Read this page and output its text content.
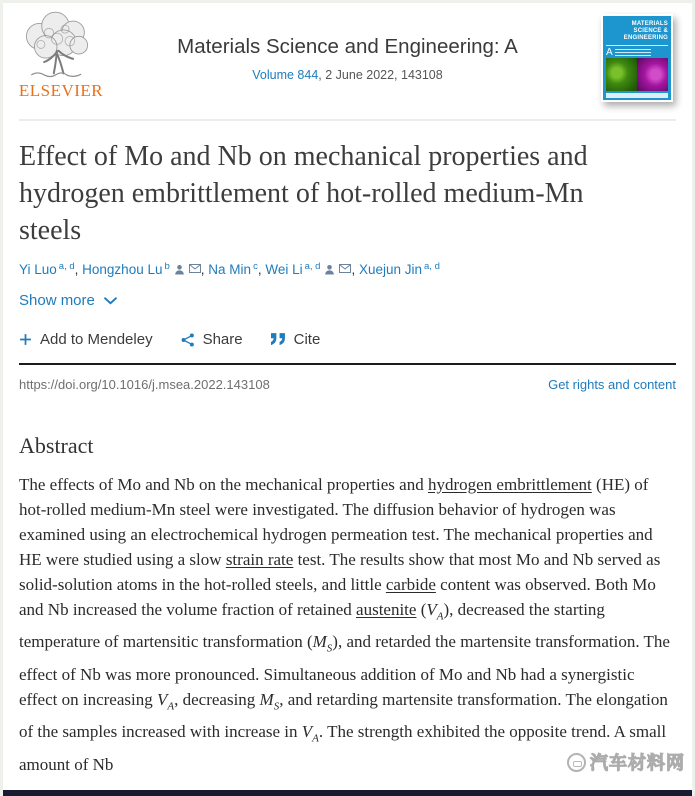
ELSEVIER
Materials Science and Engineering: A
Volume 844, 2 June 2022, 143108
MATERIALS
SCIENCE &
ENGINEERING
A
Effect of Mo and Nb on mechanical properties and hydrogen embrittlement of hot-rolled medium-Mn steels
Yi Luo $^{a, d}$, Hongzhou Lu $^b$ , Na Min $^c$, Wei Li $^{a, d}$ , Xuejun Jin $^{a, d}$
Show more
Add to Mendeley	Share	Cite
https://doi.org/10.1016/j.msea.2022.143108	Get rights and content
Abstract

The effects of Mo and Nb on the mechanical properties and hydrogen embrittlement (HE) of hot-rolled medium-Mn steel were investigated. The diffusion behavior of hydrogen was examined using an electrochemical hydrogen permeation test. The mechanical properties and HE were studied using a slow strain rate test. The results show that most Mo and Nb served as solid-solution atoms in the hot-rolled steels, and little carbide content was observed. Both Mo and Nb increased the volume fraction of retained austenite $(V_A)$, decreased the starting temperature of martensitic transformation $(M_S)$, and retarded the martensite transformation. The effect of Nb was more pronounced. Simultaneous addition of Mo and Nb had a synergistic effect on increasing $V_A$, decreasing $M_S$, and retarding martensite transformation. The elongation of the samples increased with increase in $V_A$. The strength exhibited the opposite trend. A small amount of Nb	汽车材料网
